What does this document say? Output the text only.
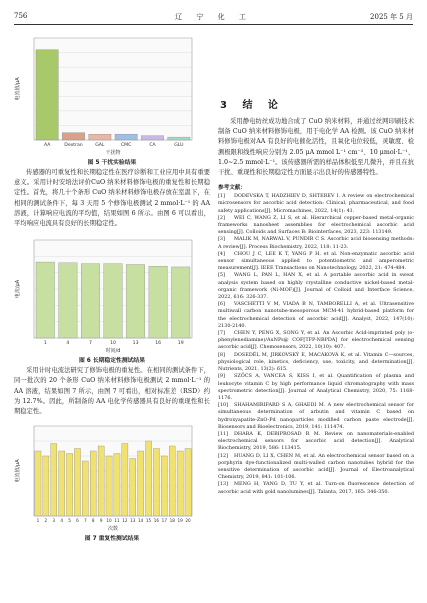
756	辽 宁 化 工	2025 年 5 月
AA	Dextran	GAL	CMC	CA	GLU
干扰物
电流值/μA
图 5 干扰实验结果

传感器的可重复性和长期稳定性在医疗诊断和工业应用中具有重要意义。采用计时安培法评价CuO 纳米材料修饰电极的重复性和长期稳定性。首先，将几十个条形 CuO 纳米材料修饰电极存放在室温下，在相同的测试条件下，每 3 天用 5 个修饰电极测试 2 mmol·L⁻¹ 的 AA 溶液，计算响应电流的平均值，结果如图 6 所示。由图 6 可以看出，平均响应电流具有良好的长期稳定性。

1	4	7	10	13	16	19
时间/d
电流/μA
图 6 长期稳定性测试结果

采用计时电流法研究了修饰电极的重复性。在相同的测试条件下，同一批次的 20 个条形 CuO 纳米材料修饰电极测试 2 mmol·L⁻¹ 的 AA 溶液，结果如图 7 所示，由图 7 可看出，相对标准差（RSD）约为 12.7%。因此，所制备的 AA 电化学传感器具有良好的重现性和长期稳定性。

1 2 3 4 5 6 7 8 9 10 11 12 13 14 15 16 17 18 19 20
次数
电流值/μA
图 7 重复性测试结果
3 结 论

采用静电纺丝成功地合成了 CuO 纳米材料，并通过丝网印刷技术制备 CuO 纳米材料修饰电极，用于电化学 AA 检测。该 CuO 纳米材料修饰电极对AA 有良好的电催化活性，且氧化电位较低，灵敏度、检测极限和线性响应分别为 2.05 μA mmol L⁻¹ cm⁻²、10 μmol·L⁻¹、1.0~2.5 mmol·L⁻¹。该传感器所需的样品体积低至几微升，并且在抗干扰、重现性和长期稳定性方面显示出良好的传感器特性。

参考文献：

[1] DODEVSKA T, HADZHIEV D, SHTEREV I. A review on electrochemical microsensors for ascorbic acid detection: Clinical, pharmaceutical, and food safety applications[J]. Micromachines, 2022, 14(1): 41.

[2] WEI C, WANG Z, LI S, et al. Hierarchical copper-based metal-organic frameworks nanosheet assemblies for electrochemical ascorbic acid sensing[J]. Colloids and Surfaces B: Biointerfaces, 2023, 223: 113149.

[3] MALIK M, NARWAL V, PUNDIR C S. Ascorbic acid biosensing methods: A review[J]. Process Biochemistry, 2022, 118: 11-23.

[4] CHOU J C, LEE K T, YANG P H, et al. Non-enzymatic ascorbic acid sensor simultaneous applied to potentiometric and amperometric measurement[J]. IEEE Transactions on Nanotechnology, 2022, 21: 474-484.

[5] WANG L, PAN L, HAN X, et al. A portable ascorbic acid in sweat analysis system based on highly crystalline conductive nickel-based metal-organic framework (Ni-MOF)[J]. Journal of Colloid and Interface Science, 2022, 616: 326-337.

[6] VASCHETTI V M, VIADA B N, TAMBORELLI A, et al. Ultrasensitive multiwall carbon nanotube-mesoporous MCM-41 hybrid-based platform for the electrochemical detection of ascorbic acid[J]. Analyst, 2022, 147(10): 2130-2140.

[7] CHEN Y, PENG X, SONG Y, et al. An Ascorbic Acid-imprinted poly (o-phenylenediamine)/AuNPs@ COF[TFP-NBPDA] for electrochemical sensing ascorbic acid[J]. Chemosensors, 2022, 10(10): 407.

[8] DOSEDĚL M, JIRKOVSKÝ E, MACÁKOVÁ K, et al. Vitamin C—sources, physiological role, kinetics, deficiency, use, toxicity, and determination[J]. Nutrients, 2021, 13(2): 615.

[9] SZŐCS A, VANCEA S, KISS I, et al. Quantification of plasma and leukocyte vitamin C by high performance liquid chromatography with mass spectrometric detection[J]. Journal of Analytical Chemistry, 2020, 75: 1168-1176.

[10] SHAHAMIRIFARD S A, GHAEDI M. A new electrochemical sensor for simultaneous determination of arbutin and vitamin C based on hydroxyapatite-ZnO-Pd nanoparticles modified carbon paste electrode[J]. Biosensors and Bioelectronics, 2019, 141: 111474.

[11] DHARA K, DEBIPROSAD R M. Review on nanomaterials-enabled electrochemical sensors for ascorbic acid detection[J]. Analytical Biochemistry, 2019, 586: 113415.

[12] HUANG D, LI X, CHEN M, et al. An electrochemical sensor based on a porphyrin dye-functionalized multi-walled carbon nanotubes hybrid for the sensitive determination of ascorbic acid[J]. Journal of Electroanalytical Chemistry, 2019, 841: 101-106.

[13] MENG H, YANG D, TU Y, et al. Turn-on fluorescence detection of ascorbic acid with gold nanolumines[J]. Talanta, 2017, 165: 346-350.
